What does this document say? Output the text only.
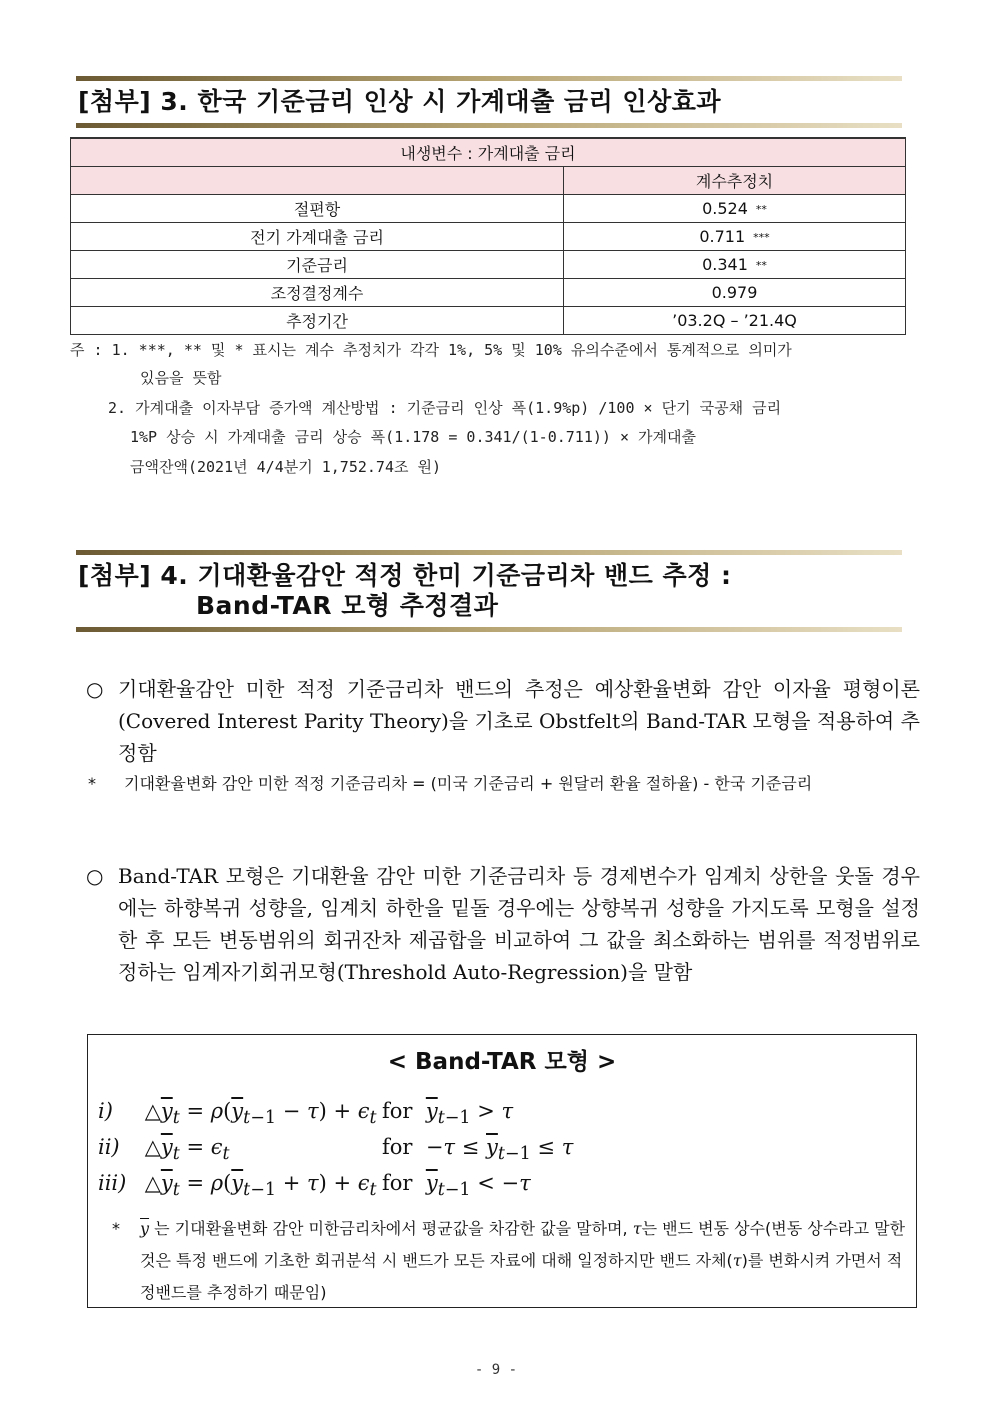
[첨부] 3. 한국 기준금리 인상 시 가계대출 금리 인상효과
내생변수 : 가계대출 금리	
	계수추정치
절편항	0.524 **
전기 가계대출 금리	0.711 ***
기준금리	0.341 **
조정결정계수	0.979
추정기간	’03.2Q – ’21.4Q
주 : 1. ***, ** 및 * 표시는 계수 추정치가 각각 1%, 5% 및 10% 유의수준에서 통계적으로 의미가
있음을 뜻함
2. 가계대출 이자부담 증가액 계산방법 : 기준금리 인상 폭(1.9%p) /100 × 단기 국공채 금리
1%P 상승 시 가계대출 금리 상승 폭(1.178 = 0.341/(1-0.711)) × 가계대출
금액잔액(2021년 4/4분기 1,752.74조 원)
[첨부] 4. 기대환율감안 적정 한미 기준금리차 밴드 추정 :
Band-TAR 모형 추정결과
○ 기대환율감안 미한 적정 기준금리차 밴드의 추정은 예상환율변화 감안 이자율 평형이론(Covered Interest Parity Theory)을 기초로 Obstfelt의 Band-TAR 모형을 적용하여 추정함
* 기대환율변화 감안 미한 적정 기준금리차 = (미국 기준금리 + 원달러 환율 절하율) - 한국 기준금리
○ Band-TAR 모형은 기대환율 감안 미한 기준금리차 등 경제변수가 임계치 상한을 웃돌 경우에는 하향복귀 성향을, 임계치 하한을 밑돌 경우에는 상향복귀 성향을 가지도록 모형을 설정한 후 모든 변동범위의 회귀잔차 제곱합을 비교하여 그 값을 최소화하는 범위를 적정범위로 정하는 임계자기회귀모형(Threshold Auto-Regression)을 말함
< Band-TAR 모형 >
i) $\triangle\overline{y}_t = \rho(\overline{y}_{t-1} - \tau) + \epsilon_t$ for $\overline{y}_{t-1} > \tau$
ii) $\triangle\overline{y}_t = \epsilon_t$	for  $-\tau \le \overline{y}_{t-1} \le \tau$
iii) $\triangle\overline{y}_t = \rho(\overline{y}_{t-1} + \tau) + \epsilon_t$ for $\overline{y}_{t-1} < -\tau$
* $\overline{y}$ 는 기대환율변화 감안 미한금리차에서 평균값을 차감한 값을 말하며, τ는 밴드 변동 상수(변동 상수라고 말한 것은 특정 밴드에 기초한 회귀분석 시 밴드가 모든 자료에 대해 일정하지만 밴드 자체(τ)를 변화시켜 가면서 적정밴드를 추정하기 때문임)
- 9 -
